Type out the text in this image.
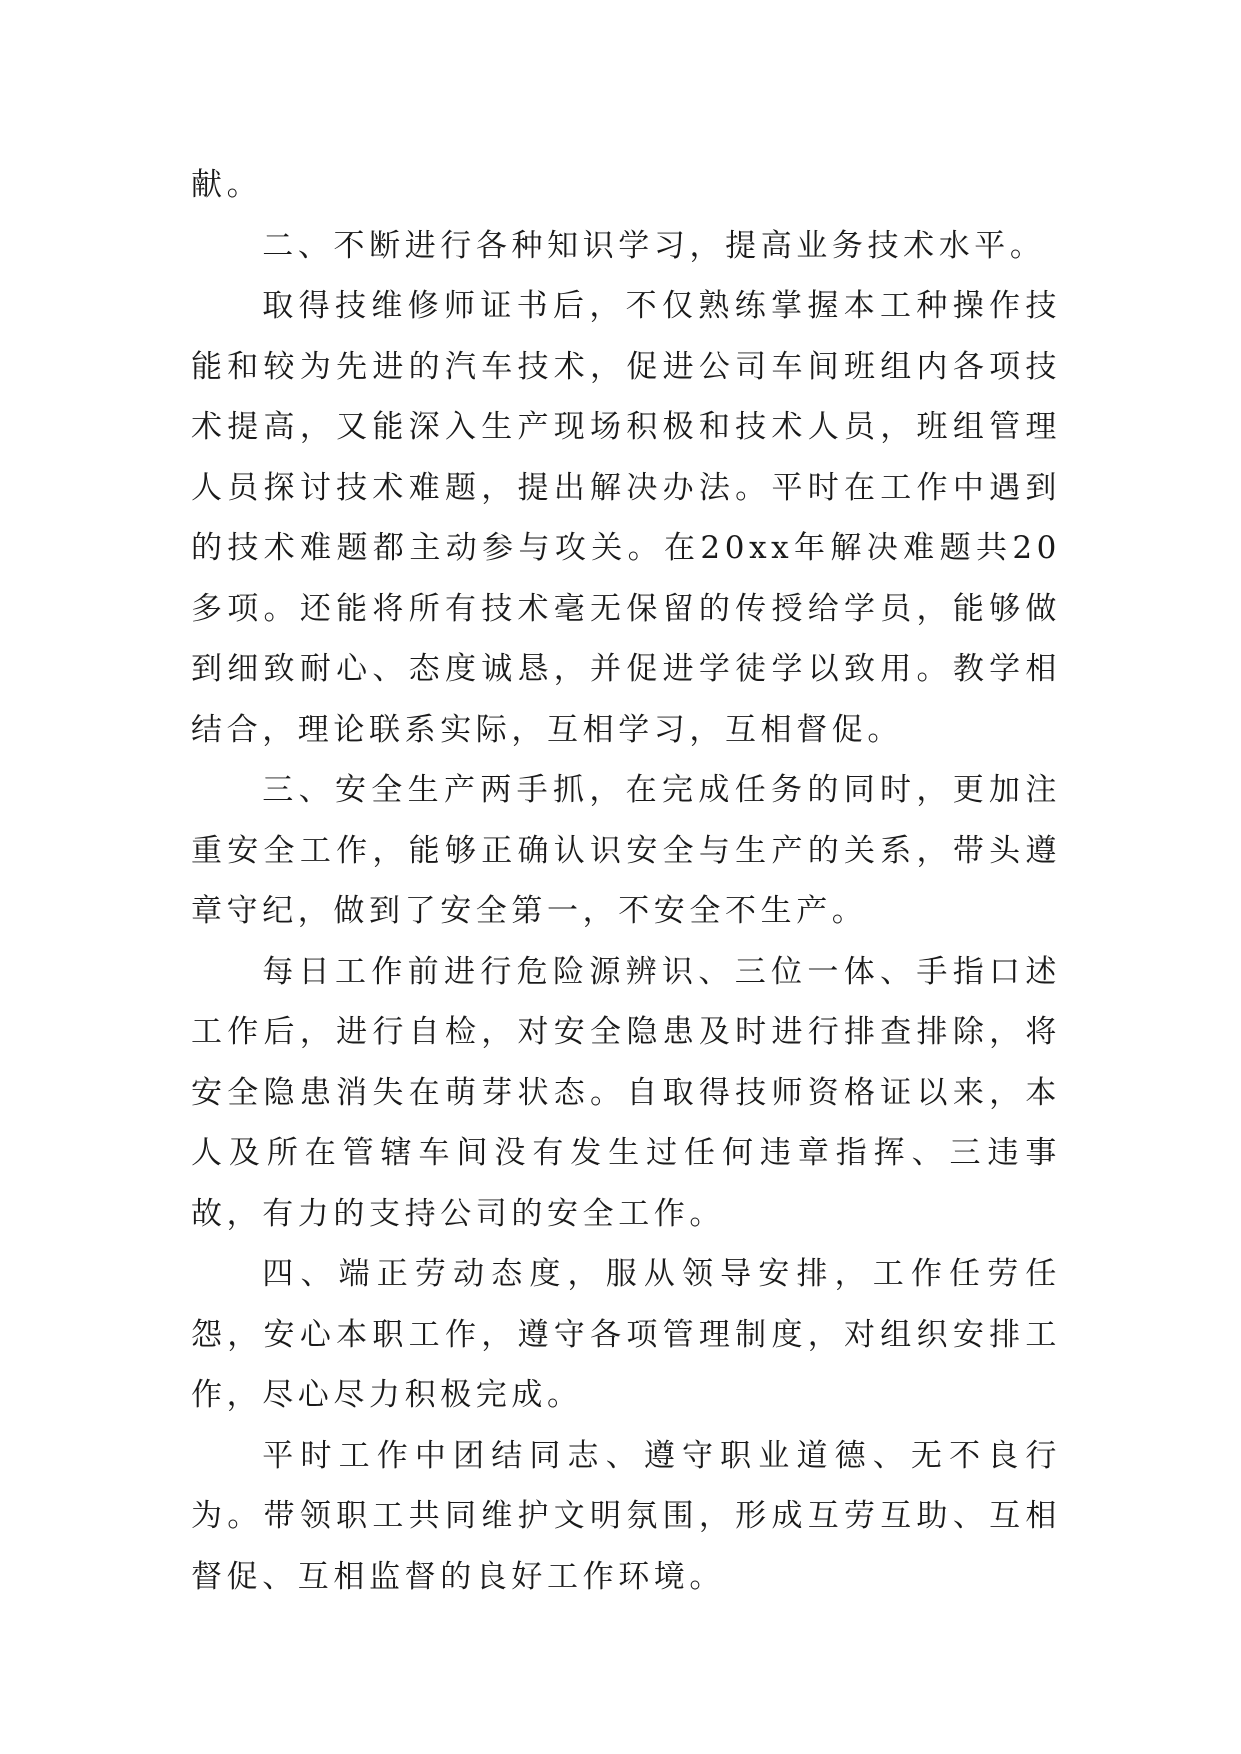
献。

二、不断进行各种知识学习，提高业务技术水平。

取得技维修师证书后，不仅熟练掌握本工种操作技能和较为先进的汽车技术，促进公司车间班组内各项技术提高，又能深入生产现场积极和技术人员，班组管理人员探讨技术难题，提出解决办法。平时在工作中遇到的技术难题都主动参与攻关。在20xx年解决难题共20多项。还能将所有技术毫无保留的传授给学员，能够做到细致耐心、态度诚恳，并促进学徒学以致用。教学相结合，理论联系实际，互相学习，互相督促。

三、安全生产两手抓，在完成任务的同时，更加注重安全工作，能够正确认识安全与生产的关系，带头遵章守纪，做到了安全第一，不安全不生产。

每日工作前进行危险源辨识、三位一体、手指口述工作后，进行自检，对安全隐患及时进行排查排除，将安全隐患消失在萌芽状态。自取得技师资格证以来，本人及所在管辖车间没有发生过任何违章指挥、三违事故，有力的支持公司的安全工作。

四、端正劳动态度，服从领导安排，工作任劳任怨，安心本职工作，遵守各项管理制度，对组织安排工作，尽心尽力积极完成。

平时工作中团结同志、遵守职业道德、无不良行为。带领职工共同维护文明氛围，形成互劳互助、互相督促、互相监督的良好工作环境。
